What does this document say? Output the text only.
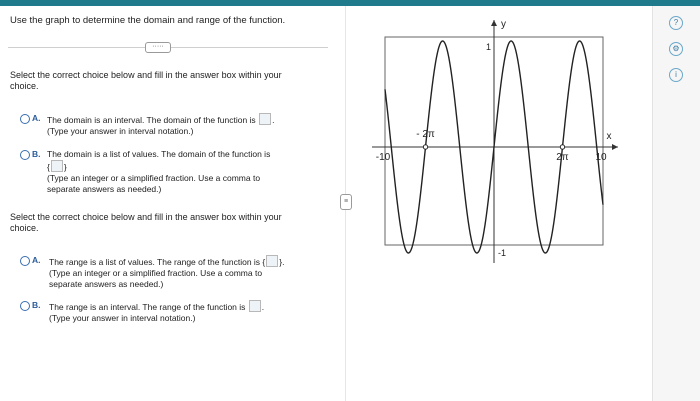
Use the graph to determine the domain and range of the function.
·····
Select the correct choice below and fill in the answer box within your choice.
A. The domain is an interval. The domain of the function is .
(Type your answer in interval notation.)
B. The domain is a list of values. The domain of the function is
{ }
(Type an integer or a simplified fraction. Use a comma to
separate answers as needed.)
Select the correct choice below and fill in the answer box within your choice.
A. The range is a list of values. The range of the function is { }.
(Type an integer or a simplified fraction. Use a comma to
separate answers as needed.)
B. The range is an interval. The range of the function is .
(Type your answer in interval notation.)
≡
-10
- 2π
2π	10
x
y
1
-1
?
⚙
i
